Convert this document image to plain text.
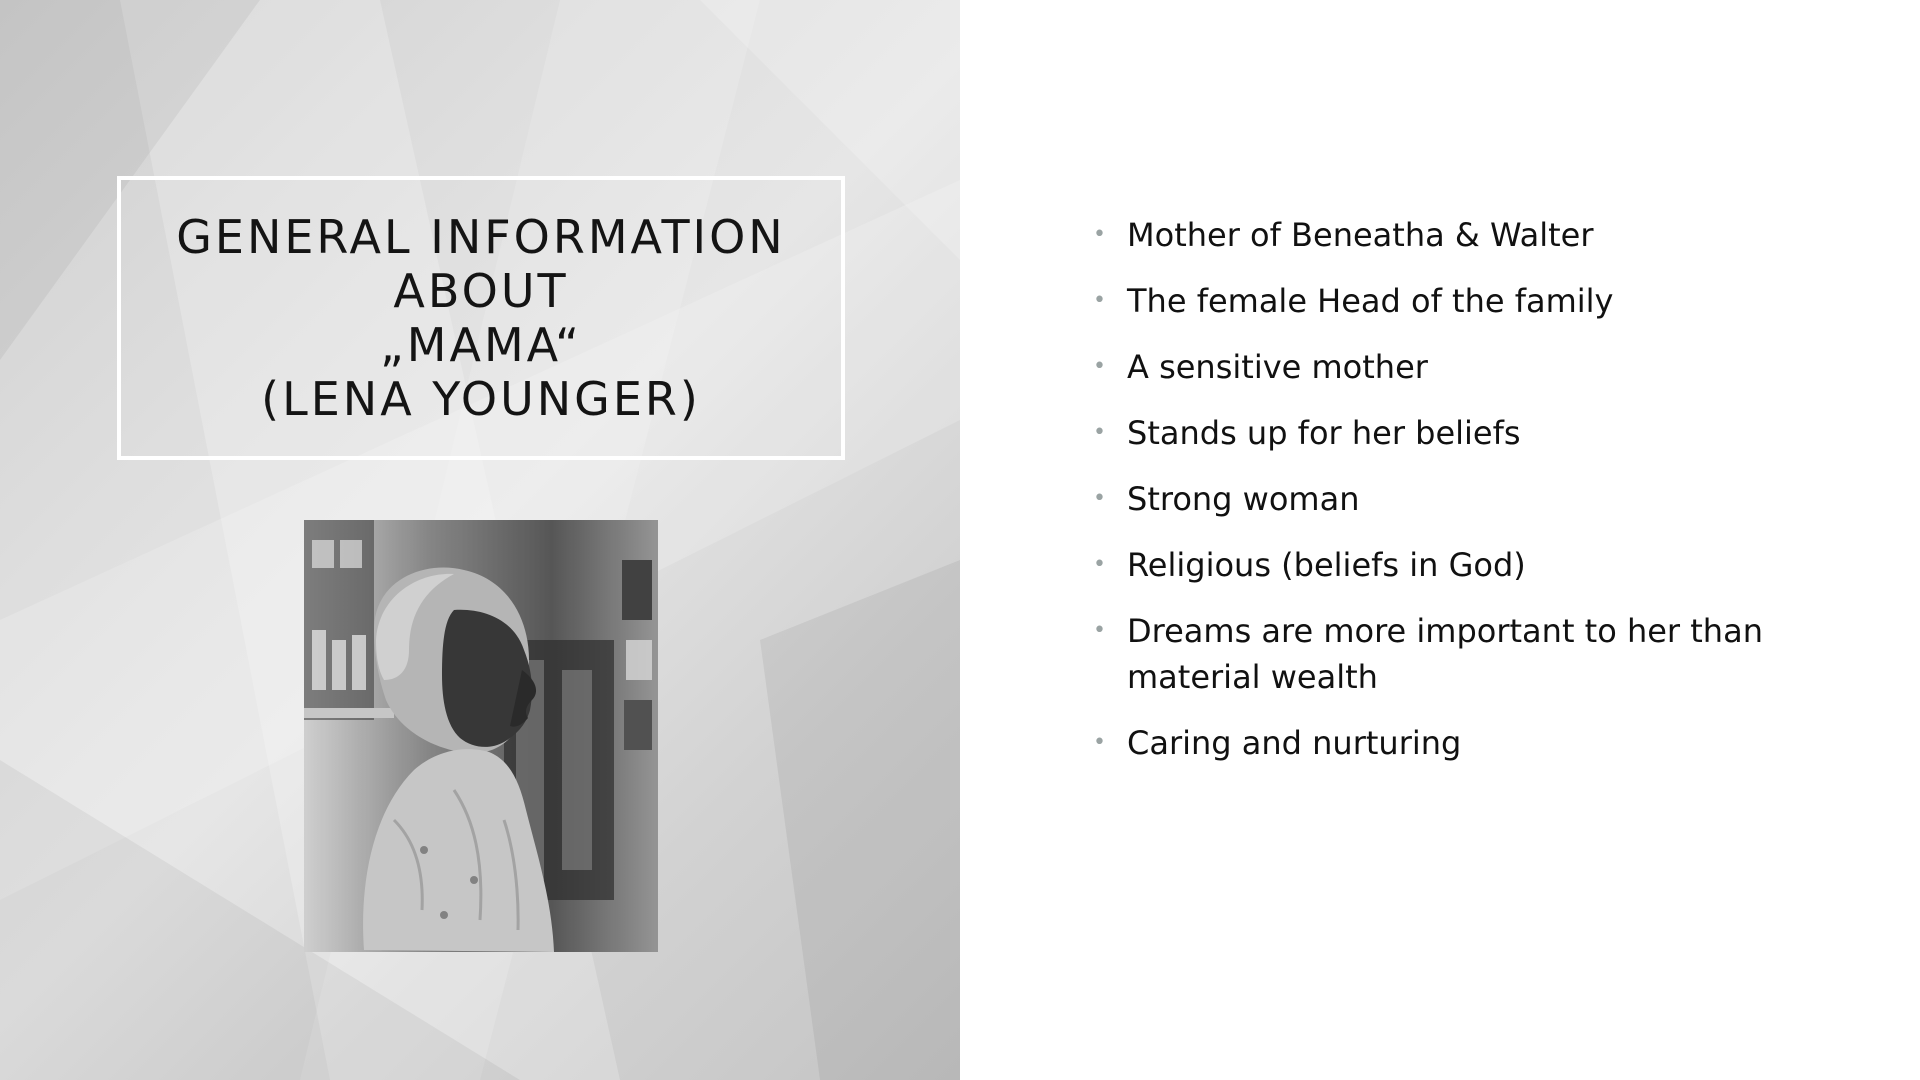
GENERAL INFORMATION
ABOUT
„MAMA“
(LENA YOUNGER)
• Mother of Beneatha & Walter
• The female Head of the family
• A sensitive mother
• Stands up for her beliefs
• Strong woman
• Religious (beliefs in God)
• Dreams are more important to her than material wealth
• Caring and nurturing
